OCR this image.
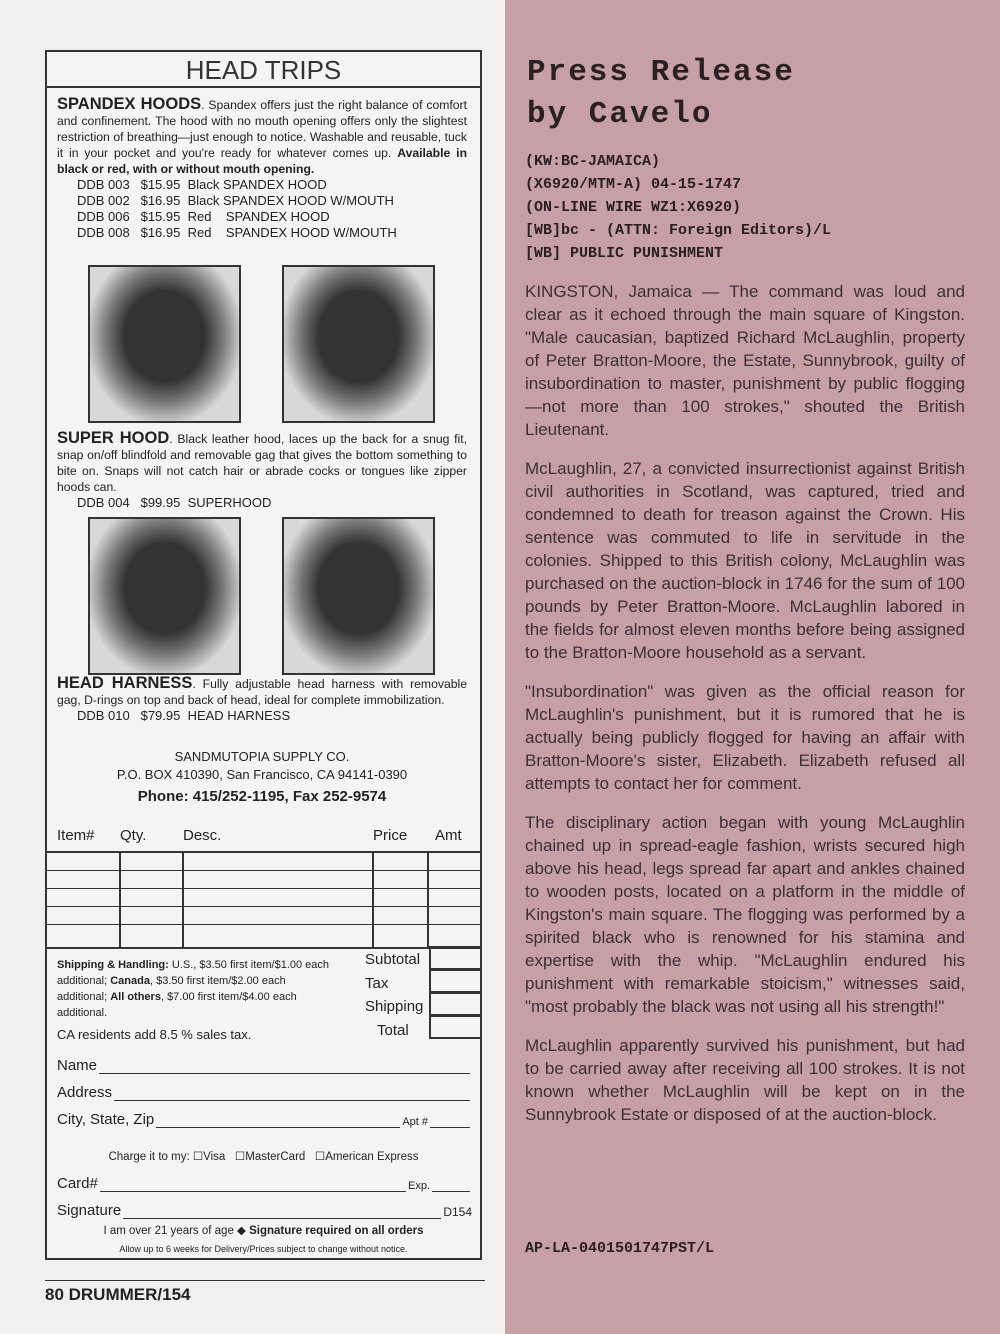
HEAD TRIPS

SPANDEX HOODS. Spandex offers just the right balance of comfort and confinement. The hood with no mouth opening offers only the slightest restriction of breathing—just enough to notice. Washable and reusable, tuck it in your pocket and you're ready for whatever comes up. Available in black or red, with or without mouth opening.

DDB 003   $15.95  Black SPANDEX HOOD
DDB 002   $16.95  Black SPANDEX HOOD W/MOUTH
DDB 006   $15.95  Red    SPANDEX HOOD
DDB 008   $16.95  Red    SPANDEX HOOD W/MOUTH

SUPER HOOD. Black leather hood, laces up the back for a snug fit, snap on/off blindfold and removable gag that gives the bottom something to bite on. Snaps will not catch hair or abrade cocks or tongues like zipper hoods can.

DDB 004   $99.95  SUPERHOOD

HEAD HARNESS. Fully adjustable head harness with removable gag, D-rings on top and back of head, ideal for complete immobilization.

DDB 010   $79.95  HEAD HARNESS
SANDMUTOPIA SUPPLY CO.
P.O. BOX 410390, San Francisco, CA 94141-0390
Phone: 415/252-1195, Fax 252-9574
Item#	Qty.	Desc.	Price	Amt
Shipping & Handling: U.S., $3.50 first item/$1.00 each additional; Canada, $3.50 first item/$2.00 each additional; All others, $7.00 first item/$4.00 each additional.
CA residents add 8.5 % sales tax.
Subtotal
Tax
Shipping
Total
Name
Address
City, State, Zip	Apt #
Charge it to my: ☐Visa ☐MasterCard ☐American Express
Card#	Exp.
Signature	D154
I am over 21 years of age ◆ Signature required on all orders
Allow up to 6 weeks for Delivery/Prices subject to change without notice.
80 DRUMMER/154
Press Release
by Cavelo
(KW:BC-JAMAICA)
(X6920/MTM-A) 04-15-1747
(ON-LINE WIRE WZ1:X6920)
[WB]bc - (ATTN: Foreign Editors)/L
[WB] PUBLIC PUNISHMENT

KINGSTON, Jamaica — The command was loud and clear as it echoed through the main square of Kingston. "Male caucasian, baptized Richard McLaughlin, property of Peter Bratton-Moore, the Estate, Sunnybrook, guilty of insubordination to master, punishment by public flogging—not more than 100 strokes," shouted the British Lieutenant.

McLaughlin, 27, a convicted insurrectionist against British civil authorities in Scotland, was captured, tried and condemned to death for treason against the Crown. His sentence was commuted to life in servitude in the colonies. Shipped to this British colony, McLaughlin was purchased on the auction-block in 1746 for the sum of 100 pounds by Peter Bratton-Moore. McLaughlin labored in the fields for almost eleven months before being assigned to the Bratton-Moore household as a servant.

"Insubordination" was given as the official reason for McLaughlin's punishment, but it is rumored that he is actually being publicly flogged for having an affair with Bratton-Moore's sister, Elizabeth. Elizabeth refused all attempts to contact her for comment.

The disciplinary action began with young McLaughlin chained up in spread-eagle fashion, wrists secured high above his head, legs spread far apart and ankles chained to wooden posts, located on a platform in the middle of Kingston's main square. The flogging was performed by a spirited black who is renowned for his stamina and expertise with the whip. "McLaughlin endured his punishment with remarkable stoicism," witnesses said, "most probably the black was not using all his strength!"

McLaughlin apparently survived his punishment, but had to be carried away after receiving all 100 strokes. It is not known whether McLaughlin will be kept on in the Sunnybrook Estate or disposed of at the auction-block.

AP-LA-0401501747PST/L
